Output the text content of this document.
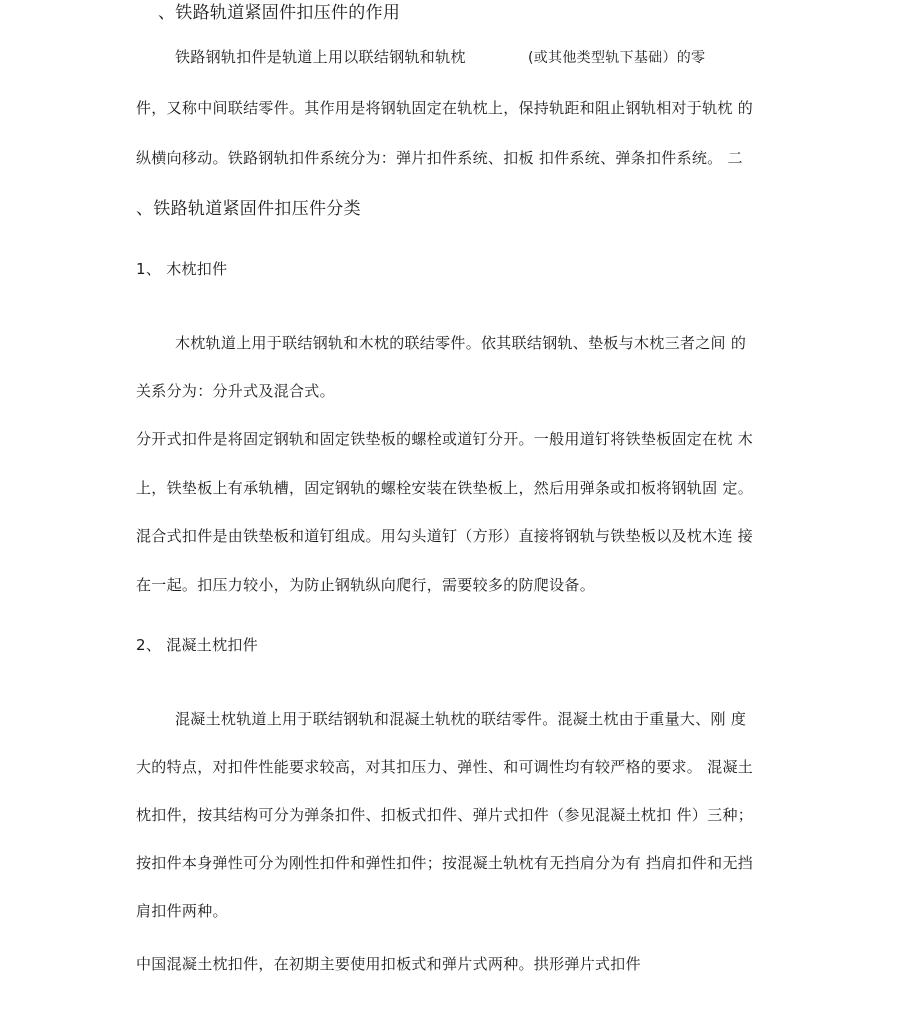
、铁路轨道紧固件扣压件的作用
铁路钢轨扣件是轨道上用以联结钢轨和轨枕	(或其他类型轨下基础）的零
件，又称中间联结零件。其作用是将钢轨固定在轨枕上，保持轨距和阻止钢轨相对于轨枕 的
纵横向移动。铁路钢轨扣件系统分为：弹片扣件系统、扣板 扣件系统、弹条扣件系统。 二
、铁路轨道紧固件扣压件分类
1、 木枕扣件
木枕轨道上用于联结钢轨和木枕的联结零件。依其联结钢轨、垫板与木枕三者之间 的
关系分为：分升式及混合式。
分开式扣件是将固定钢轨和固定铁垫板的螺栓或道钉分开。一般用道钉将铁垫板固定在枕 木
上，铁垫板上有承轨槽，固定钢轨的螺栓安装在铁垫板上，然后用弹条或扣板将钢轨固 定。
混合式扣件是由铁垫板和道钉组成。用勾头道钉（方形）直接将钢轨与铁垫板以及枕木连 接
在一起。扣压力较小，为防止钢轨纵向爬行，需要较多的防爬设备。
2、 混凝土枕扣件
混凝土枕轨道上用于联结钢轨和混凝土轨枕的联结零件。混凝土枕由于重量大、刚 度
大的特点，对扣件性能要求较高，对其扣压力、弹性、和可调性均有较严格的要求。 混凝土
枕扣件，按其结构可分为弹条扣件、扣板式扣件、弹片式扣件（参见混凝土枕扣 件）三种；
按扣件本身弹性可分为刚性扣件和弹性扣件；按混凝土轨枕有无挡肩分为有 挡肩扣件和无挡
肩扣件两种。
中国混凝土枕扣件，在初期主要使用扣板式和弹片式两种。拱形弹片式扣件
